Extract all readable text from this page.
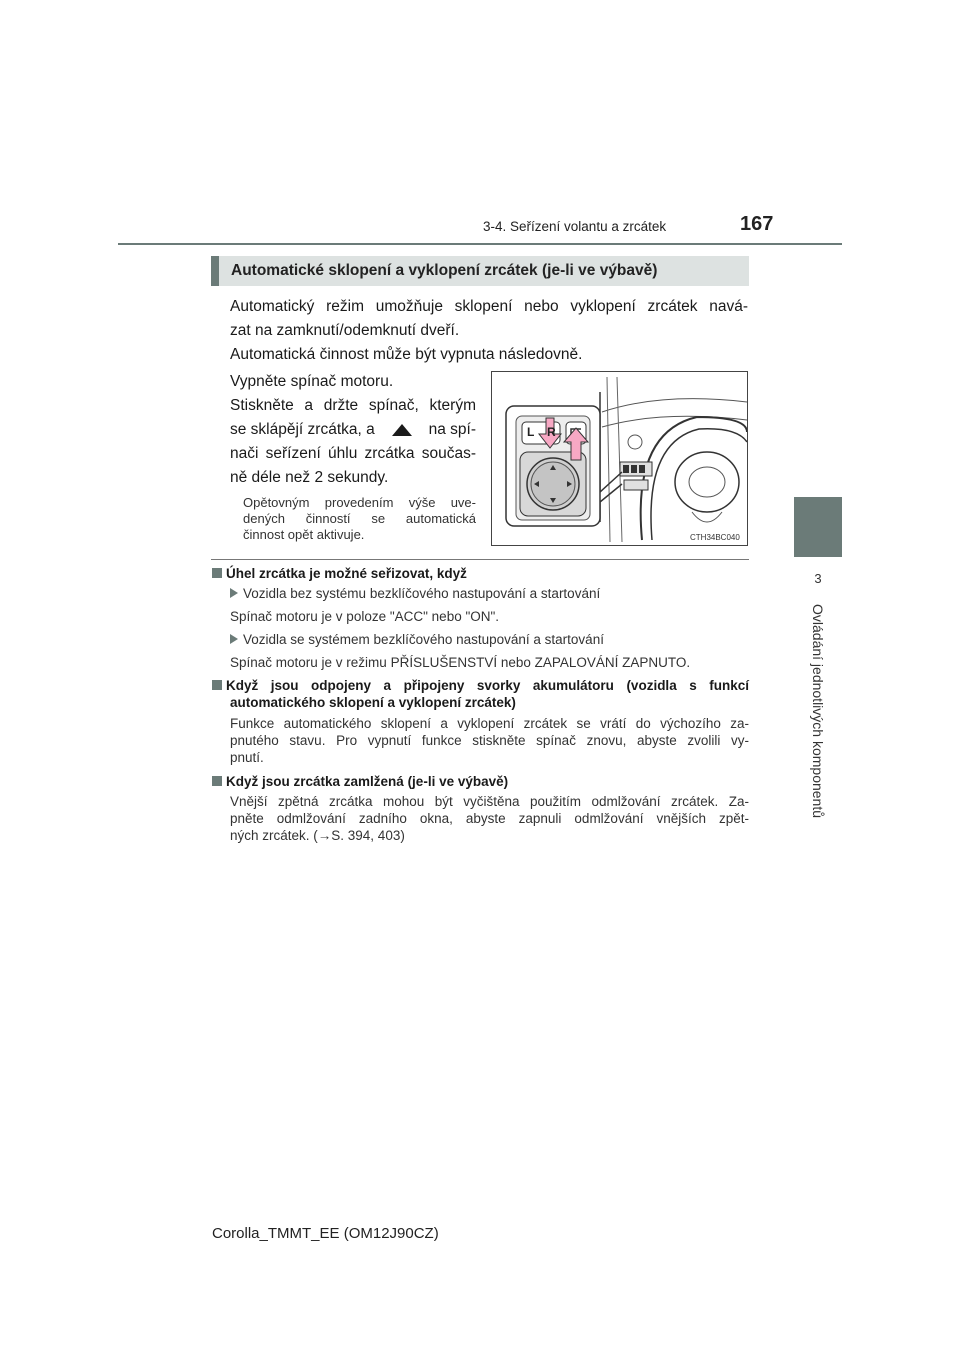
3-4. Seřízení volantu a zrcátek	167
3
Ovládání jednotlivých komponentů
Automatické sklopení a vyklopení zrcátek (je-li ve výbavě)
Automatický režim umožňuje sklopení nebo vyklopení zrcátek navá-
zat na zamknutí/odemknutí dveří.
Automatická činnost může být vypnuta následovně.
Vypněte spínač motoru.
Stiskněte a držte spínač, kterým
se sklápějí zrcátka, a	na spí-
nači seřízení úhlu zrcátka součas-
ně déle než 2 sekundy.
Opětovným provedením výše uve-
dených činností se automatická
činnost opět aktivuje.
L R
CTH34BC040
Úhel zrcátka je možné seřizovat, když
Vozidla bez systému bezklíčového nastupování a startování
Spínač motoru je v poloze "ACC" nebo "ON".
Vozidla se systémem bezklíčového nastupování a startování
Spínač motoru je v režimu PŘÍSLUŠENSTVÍ nebo ZAPALOVÁNÍ ZAPNUTO.
Když jsou odpojeny a připojeny svorky akumulátoru (vozidla s funkcí
automatického sklopení a vyklopení zrcátek)
Funkce automatického sklopení a vyklopení zrcátek se vrátí do výchozího za-
pnutého stavu. Pro vypnutí funkce stiskněte spínač znovu, abyste zvolili vy-
pnutí.
Když jsou zrcátka zamlžená (je-li ve výbavě)
Vnější zpětná zrcátka mohou být vyčištěna použitím odmlžování zrcátek. Za-
pněte odmlžování zadního okna, abyste zapnuli odmlžování vnějších zpět-
ných zrcátek. (→S. 394, 403)
Corolla_TMMT_EE (OM12J90CZ)
